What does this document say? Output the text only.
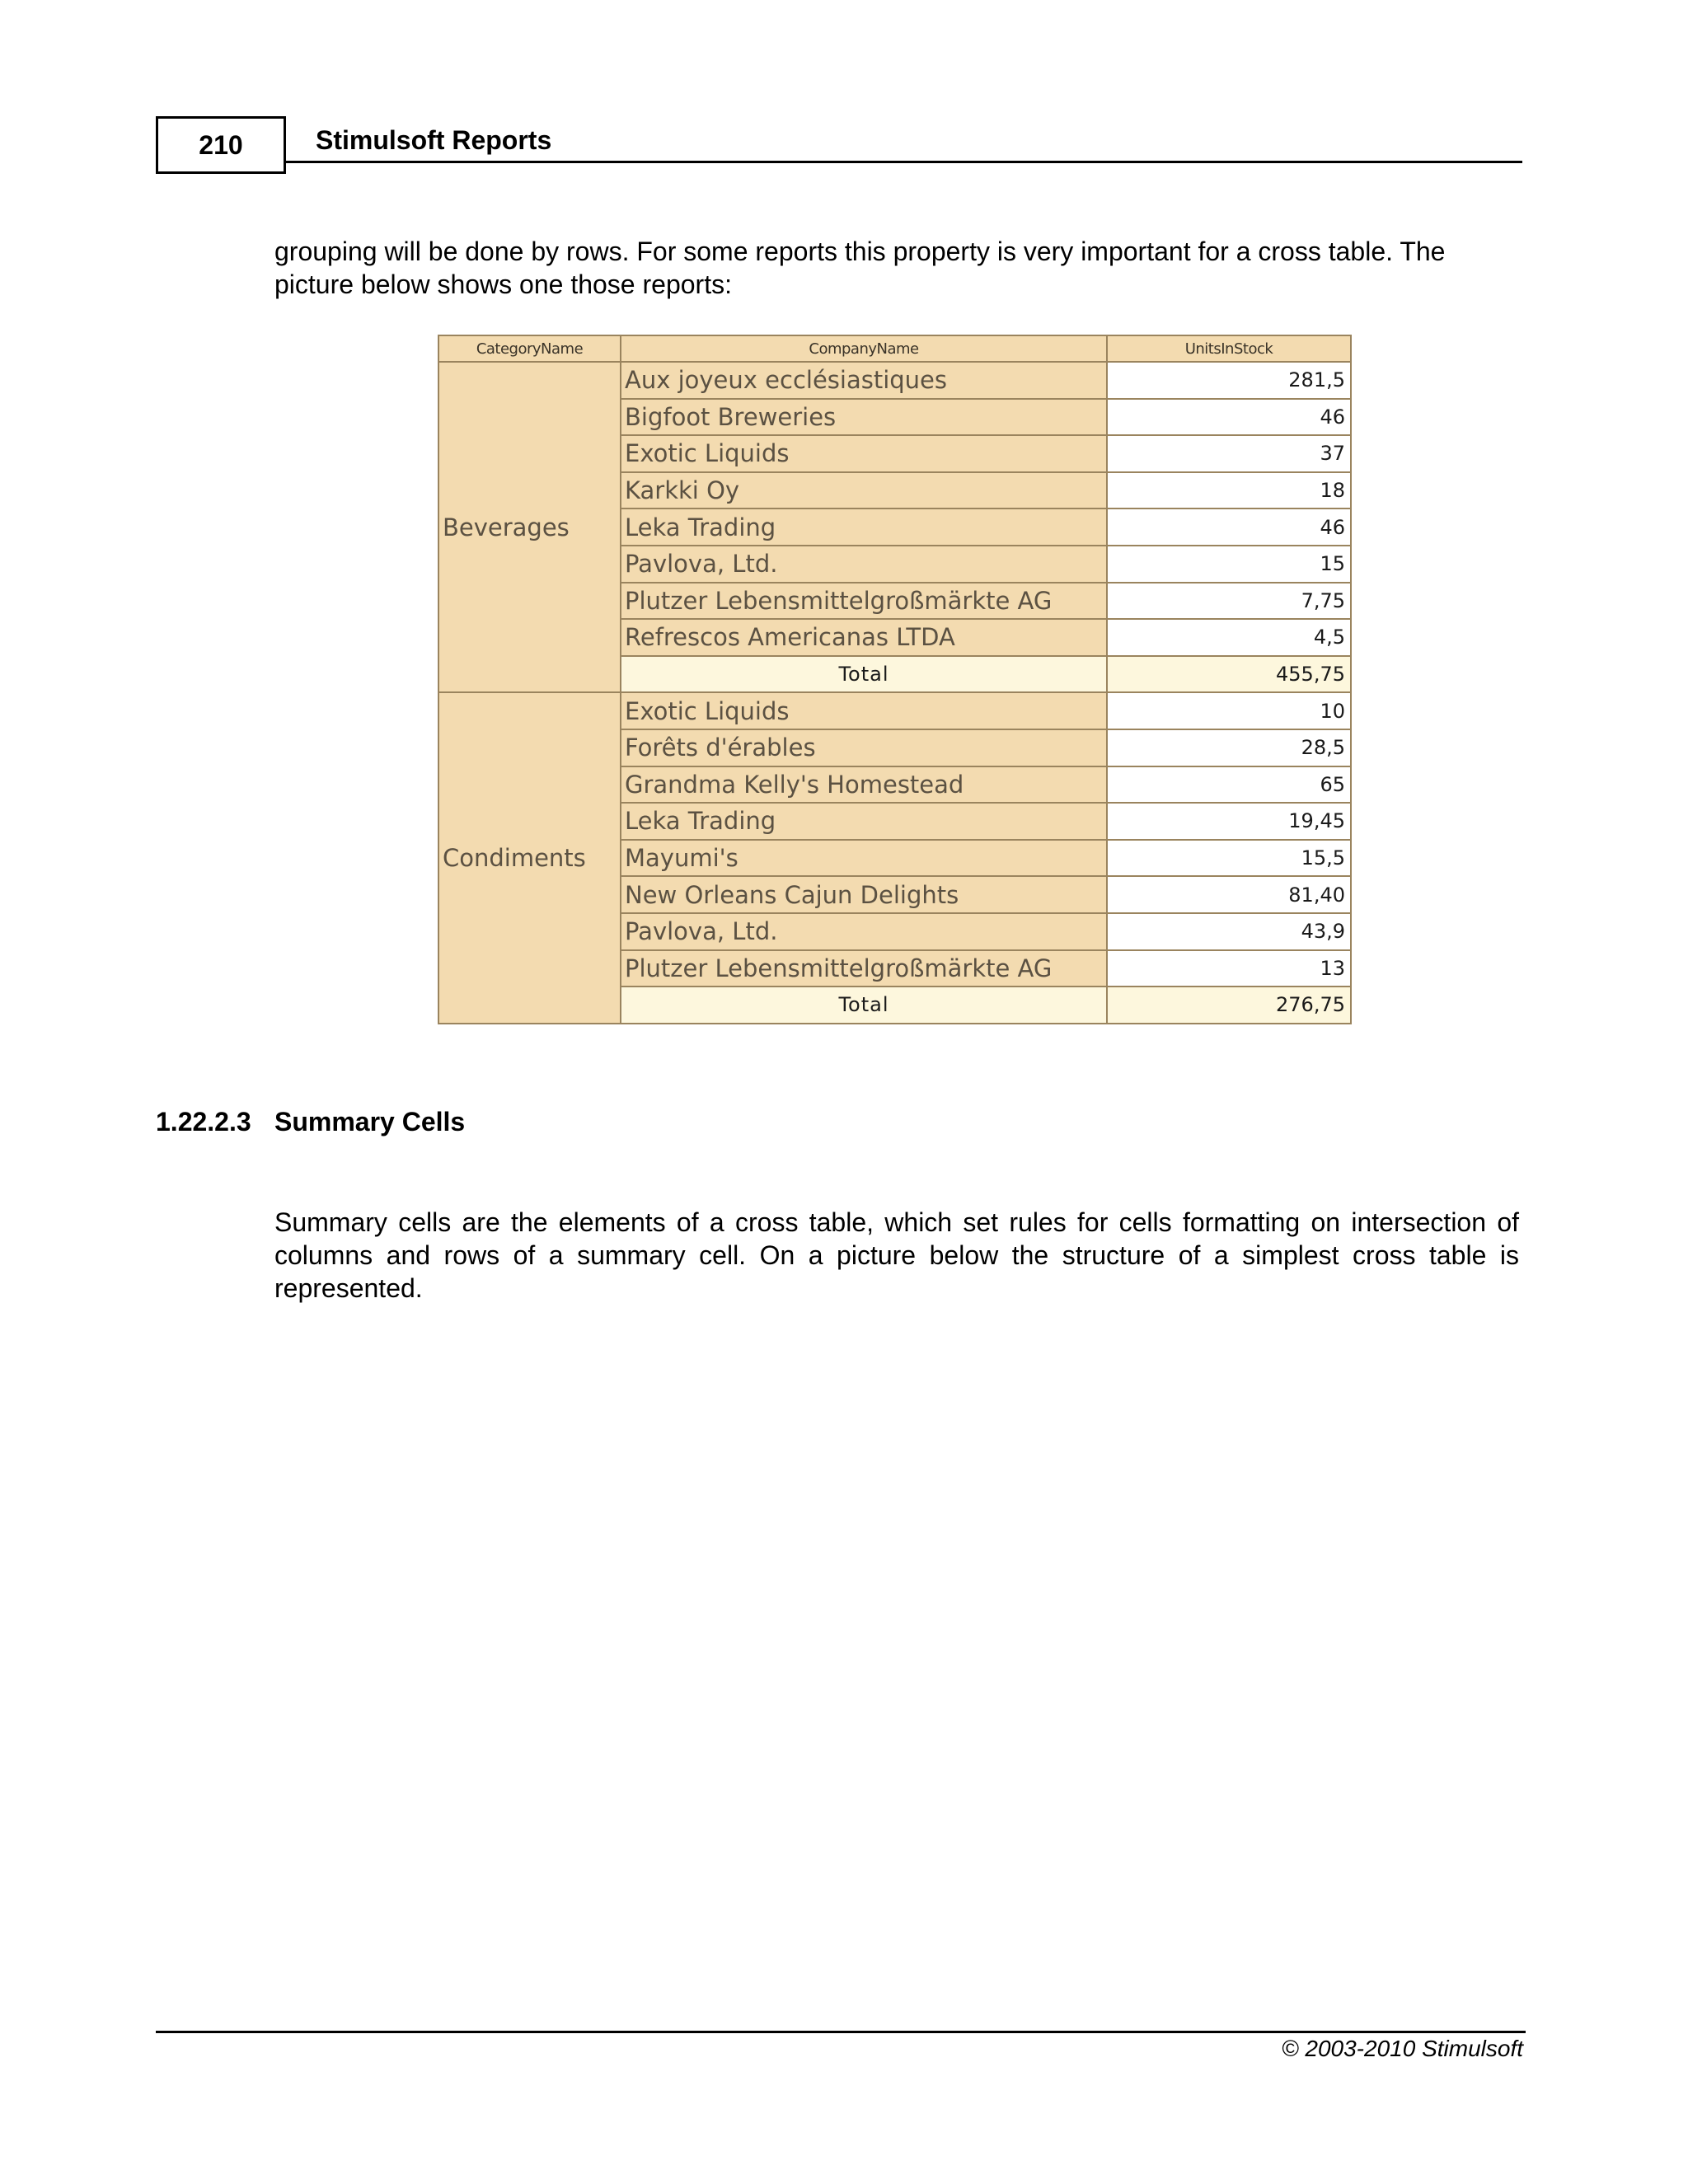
210	Stimulsoft Reports
grouping will be done by rows. For some reports this property is very important for a cross table. The
picture below shows one those reports:
CategoryName	CompanyName	UnitsInStock
Beverages
Aux joyeux ecclésiastiques	281,5
Bigfoot Breweries	46
Exotic Liquids	37
Karkki Oy	18
Leka Trading	46
Pavlova, Ltd.	15
Plutzer Lebensmittelgroßmärkte AG	7,75
Refrescos Americanas LTDA	4,5
Total	455,75
Condiments
Exotic Liquids	10
Forêts d'érables	28,5
Grandma Kelly's Homestead	65
Leka Trading	19,45
Mayumi's	15,5
New Orleans Cajun Delights	81,40
Pavlova, Ltd.	43,9
Plutzer Lebensmittelgroßmärkte AG	13
Total	276,75
1.22.2.3 Summary Cells
Summary cells are the elements of a cross table, which set rules for cells formatting on intersection of
columns and rows of a summary cell. On a picture below the structure of a simplest cross table is
represented.
© 2003-2010 Stimulsoft
